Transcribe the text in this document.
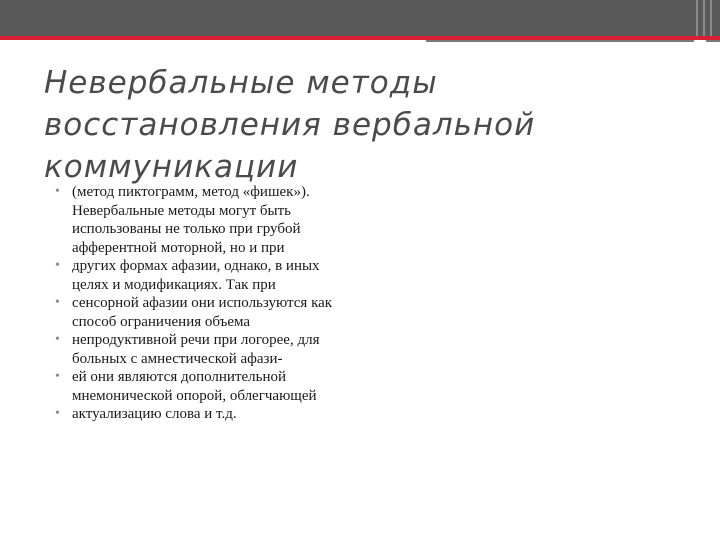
Невербальные методы восстановления вербальной коммуникации
• (метод пиктограмм, метод «фишек»). Невербальные методы могут быть использованы не только при грубой афферентной моторной, но и при
• других формах афазии, однако, в иных целях и модификациях. Так при
• сенсорной афазии они используются как способ ограничения объема
• непродуктивной речи при логорее, для больных с амнестической афази-
• ей они являются дополнительной мнемонической опорой, облегчающей
• актуализацию слова и т.д.
